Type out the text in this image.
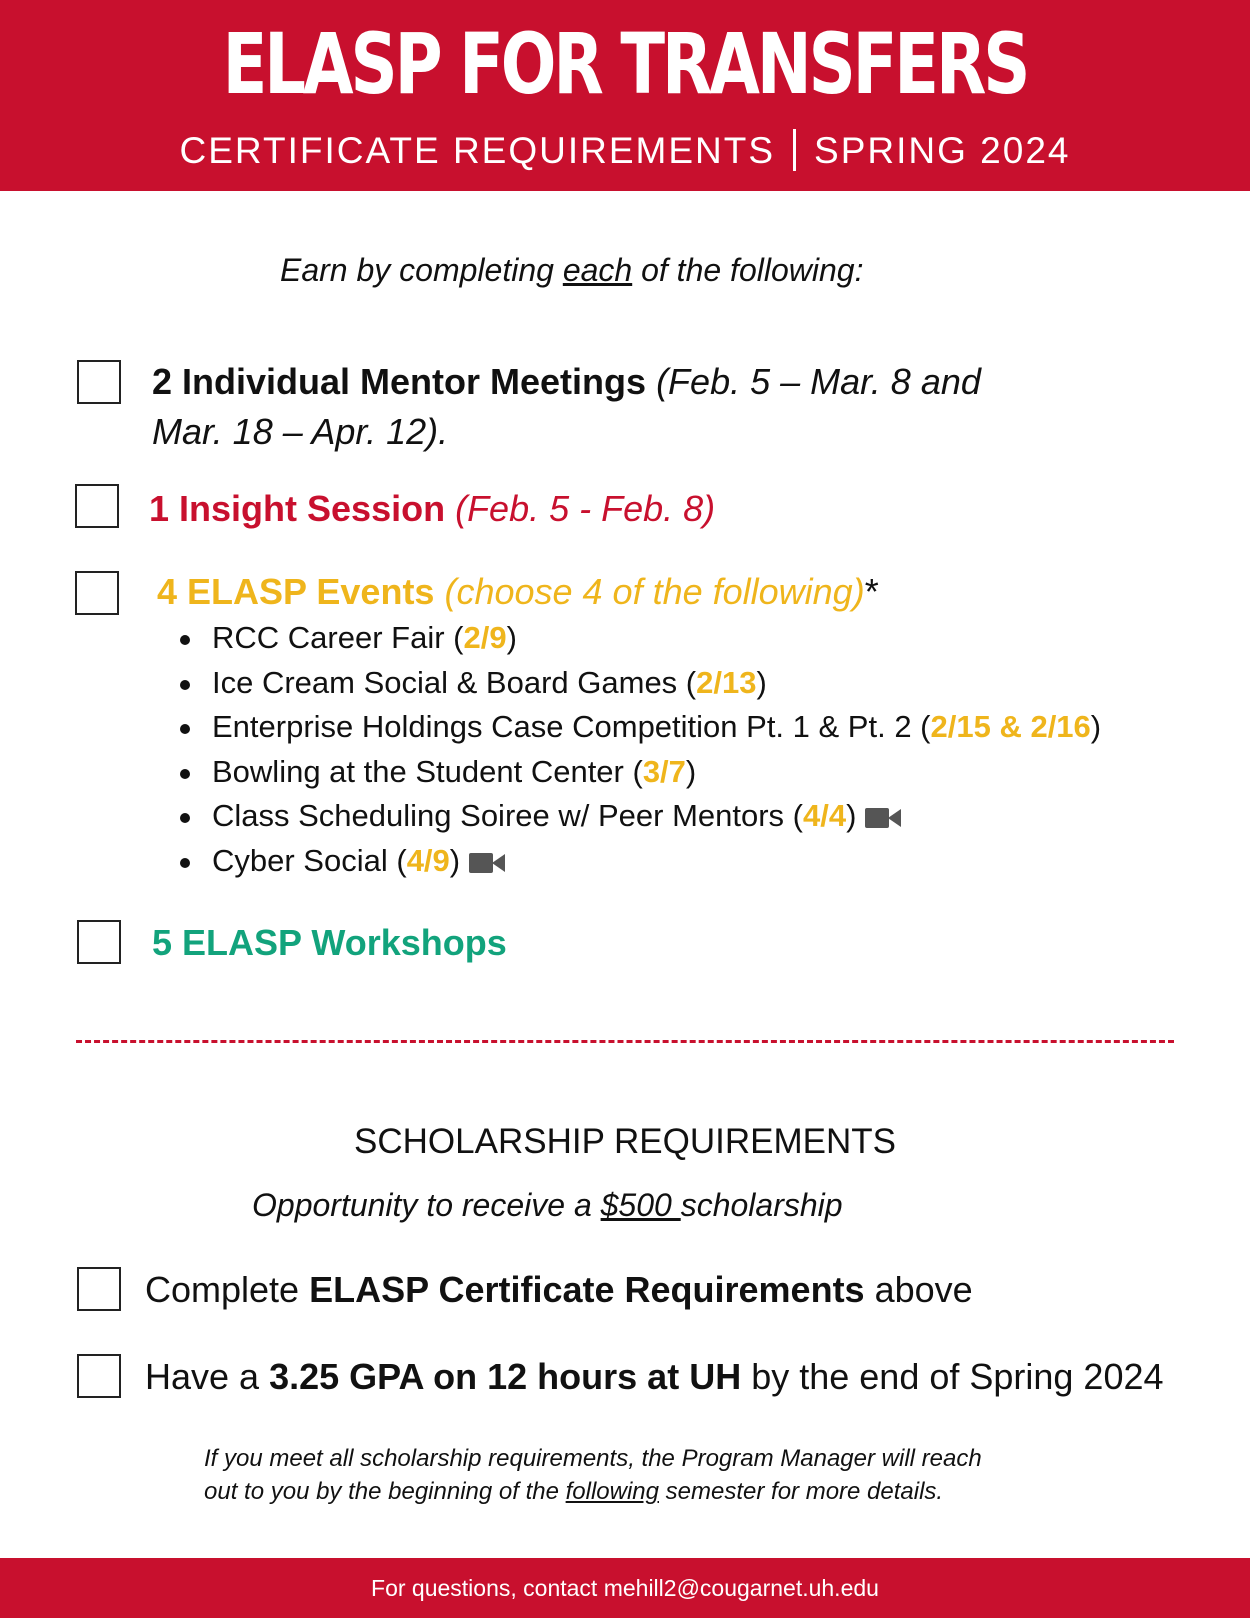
ELASP FOR TRANSFERS
CERTIFICATE REQUIREMENTS SPRING 2024
Earn by completing each of the following:
2 Individual Mentor Meetings (Feb. 5 – Mar. 8 and
Mar. 18 – Apr. 12).
1 Insight Session (Feb. 5 - Feb. 8)
4 ELASP Events (choose 4 of the following)*
RCC Career Fair (2/9)
Ice Cream Social & Board Games (2/13)
Enterprise Holdings Case Competition Pt. 1 & Pt. 2 (2/15 & 2/16)
Bowling at the Student Center (3/7)
Class Scheduling Soiree w/ Peer Mentors (4/4)
Cyber Social (4/9)
5 ELASP Workshops
SCHOLARSHIP REQUIREMENTS
Opportunity to receive a $500 scholarship
Complete ELASP Certificate Requirements above
Have a 3.25 GPA on 12 hours at UH by the end of Spring 2024
If you meet all scholarship requirements, the Program Manager will reach
out to you by the beginning of the following semester for more details.
For questions, contact mehill2@cougarnet.uh.edu
